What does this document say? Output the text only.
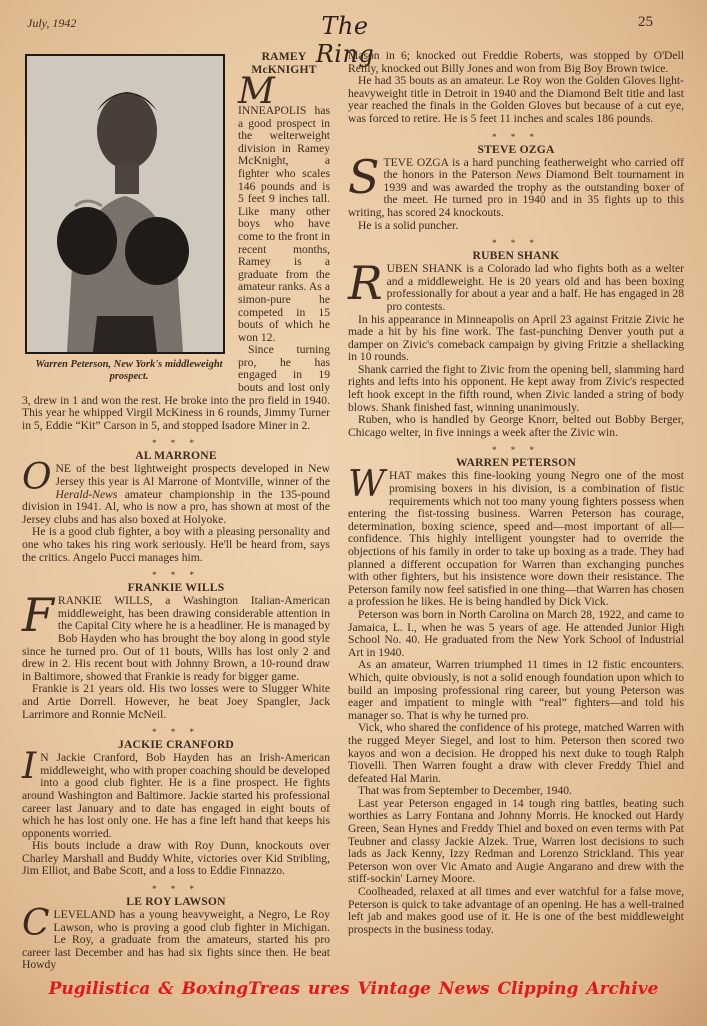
July, 1942	The Ring
25
Warren Peterson, New York's middleweight prospect.
RAMEY McKNIGHT

M
INNEAPOLIS has a good prospect in the welterweight division in Ramey McKnight, a fighter who scales 146 pounds and is 5 feet 9 inches tall. Like many other boys who have come to the front in recent months, Ramey is a graduate from the amateur ranks. As a simon-pure he competed in 15 bouts of which he won 12.

Since turning pro, he has engaged in 19 bouts and lost only 3, drew in 1 and won the rest. He broke into the pro field in 1940. This year he whipped Virgil McKiness in 6 rounds, Jimmy Turner in 5, Eddie “Kit” Carson in 5, and stopped Isadore Miner in 2.

* * *
AL MARRONE

ONE of the best lightweight prospects developed in New Jersey this year is Al Marrone of Montville, winner of the Herald-News amateur championship in the 135-pound division in 1941. Al, who is now a pro, has shown at most of the Jersey clubs and has also boxed at Holyoke.

He is a good club fighter, a boy with a pleasing personality and one who takes his ring work seriously. He'll be heard from, says the critics. Angelo Pucci manages him.

* * *
FRANKIE WILLS

FRANKIE WILLS, a Washington Italian-American middleweight, has been drawing considerable attention in the Capital City where he is a headliner. He is managed by Bob Hayden who has brought the boy along in good style since he turned pro. Out of 11 bouts, Wills has lost only 2 and drew in 2. His recent bout with Johnny Brown, a 10-round draw in Baltimore, showed that Frankie is ready for bigger game.

Frankie is 21 years old. His two losses were to Slugger White and Artie Dorrell. However, he beat Joey Spangler, Jack Larrimore and Ronnie McNeil.

* * *
JACKIE CRANFORD

I N Jackie Cranford, Bob Hayden has an Irish-American middleweight, who with proper coaching should be developed into a good club fighter. He is a fine prospect. He fights around Washington and Baltimore. Jackie started his professional career last January and to date has engaged in eight bouts of which he has lost only one. He has a fine left hand that keeps his opponents worried.

His bouts include a draw with Roy Dunn, knockouts over Charley Marshall and Buddy White, victories over Kid Stribling, Jim Elliot, and Babe Scott, and a loss to Eddie Finnazzo.

* * *
LE ROY LAWSON

CLEVELAND has a young heavyweight, a Negro, Le Roy Lawson, who is proving a good club fighter in Michigan. Le Roy, a graduate from the amateurs, started his pro career last December and has had six fights since then. He beat Howdy

Mason in 6; knocked out Freddie Roberts, was stopped by O'Dell Reilly, knocked out Billy Jones and won from Big Boy Brown twice.

He had 35 bouts as an amateur. Le Roy won the Golden Gloves light-heavyweight title in Detroit in 1940 and the Diamond Belt title and last year reached the finals in the Golden Gloves but because of a cut eye, was forced to retire. He is 5 feet 11 inches and scales 186 pounds.

* * *
STEVE OZGA

STEVE OZGA is a hard punching featherweight who carried off the honors in the Paterson News Diamond Belt tournament in 1939 and was awarded the trophy as the outstanding boxer of the meet. He turned pro in 1940 and in 35 fights up to this writing, has scored 24 knockouts.

He is a solid puncher.

* * *
RUBEN SHANK

RUBEN SHANK is a Colorado lad who fights both as a welter and a middleweight. He is 20 years old and has been boxing professionally for about a year and a half. He has engaged in 28 pro contests.

In his appearance in Minneapolis on April 23 against Fritzie Zivic he made a hit by his fine work. The fast-punching Denver youth put a damper on Zivic's comeback campaign by giving Fritzie a shellacking in 10 rounds.

Shank carried the fight to Zivic from the opening bell, slamming hard rights and lefts into his opponent. He kept away from Zivic's respected left hook except in the fifth round, when Zivic landed a string of body blows. Shank finished fast, winning unanimously.

Ruben, who is handled by George Knorr, belted out Bobby Berger, Chicago welter, in five innings a week after the Zivic win.

* * *
WARREN PETERSON

WHAT makes this fine-looking young Negro one of the most promising boxers in his division, is a combination of fistic requirements which not too many young fighters possess when entering the fist-tossing business. Warren Peterson has courage, determination, boxing science, speed and—most important of all—confidence. This highly intelligent youngster had to override the objections of his family in order to take up boxing as a trade. They had planned a different occupation for Warren than exchanging punches with other fighters, but his insistence wore down their resistance. The Peterson family now feel satisfied in one thing—that Warren has chosen a profession he likes. He is being handled by Dick Vick.

Peterson was born in North Carolina on March 28, 1922, and came to Jamaica, L. I., when he was 5 years of age. He attended Junior High School No. 40. He graduated from the New York School of Industrial Art in 1940.

As an amateur, Warren triumphed 11 times in 12 fistic encounters. Which, quite obviously, is not a solid enough foundation upon which to build an imposing professional ring career, but young Peterson was eager and impatient to mingle with “real” fighters—and told his manager so. That is why he turned pro.

Vick, who shared the confidence of his protege, matched Warren with the rugged Meyer Siegel, and lost to him. Peterson then scored two kayos and won a decision. He dropped his next duke to tough Ralph Tiovelli. Then Warren fought a draw with clever Freddy Thiel and defeated Hal Marin.

That was from September to December, 1940.

Last year Peterson engaged in 14 tough ring battles, beating such worthies as Larry Fontana and Johnny Morris. He knocked out Hardy Green, Sean Hynes and Freddy Thiel and boxed on even terms with Pat Teubner and classy Jackie Alzek. True, Warren lost decisions to such lads as Jack Kenny, Izzy Redman and Lorenzo Strickland. This year Peterson won over Vic Amato and Augie Angarano and drew with the stiff-sockin' Larney Moore.

Coolheaded, relaxed at all times and ever watchful for a false move, Peterson is quick to take advantage of an opening. He has a well-trained left jab and makes good use of it. He is one of the best middleweight prospects in the business today.

Pugilistica & BoxingTreas ures Vintage News Clipping Archive
